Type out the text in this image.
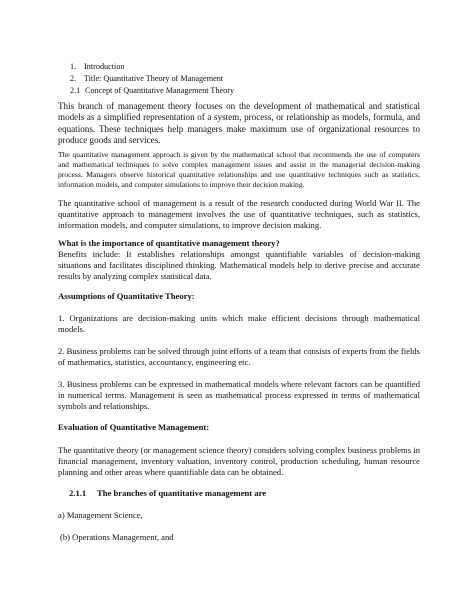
1. Introduction
2. Title: Quantitative Theory of Management
2.1 Concept of Quantitative Management Theory

This branch of management theory focuses on the development of mathematical and statistical models as a simplified representation of a system, process, or relationship as models, formula, and equations. These techniques help managers make maximum use of organizational resources to produce goods and services.

The quantitative management approach is given by the mathematical school that recommends the use of computers and mathematical techniques to solve complex management issues and assist in the managerial decision-making process. Managers observe historical quantitative relationships and use quantitative techniques such as statistics, information models, and computer simulations to improve their decision making.

The quantitative school of management is a result of the research conducted during World War II. The quantitative approach to management involves the use of quantitative techniques, such as statistics, information models, and computer simulations, to improve decision making.

What is the importance of quantitative management theory?

Benefits include: It establishes relationships amongst quantifiable variables of decision-making situations and facilitates disciplined thinking. Mathematical models help to derive precise and accurate results by analyzing complex statistical data.

Assumptions of Quantitative Theory:

1. Organizations are decision-making units which make efficient decisions through mathematical models.

2. Business problems can be solved through joint efforts of a team that consists of experts from the fields of mathematics, statistics, accountancy, engineering etc.

3. Business problems can be expressed in mathematical models where relevant factors can be quantified in numerical terms. Management is seen as mathematical process expressed in terms of mathematical symbols and relationships.

Evaluation of Quantitative Management:

The quantitative theory (or management science theory) considers solving complex business problems in financial management, inventory valuation, inventory control, production scheduling, human resource planning and other areas where quantifiable data can be obtained.

2.1.1 The branches of quantitative management are

a) Management Science,

(b) Operations Management, and
